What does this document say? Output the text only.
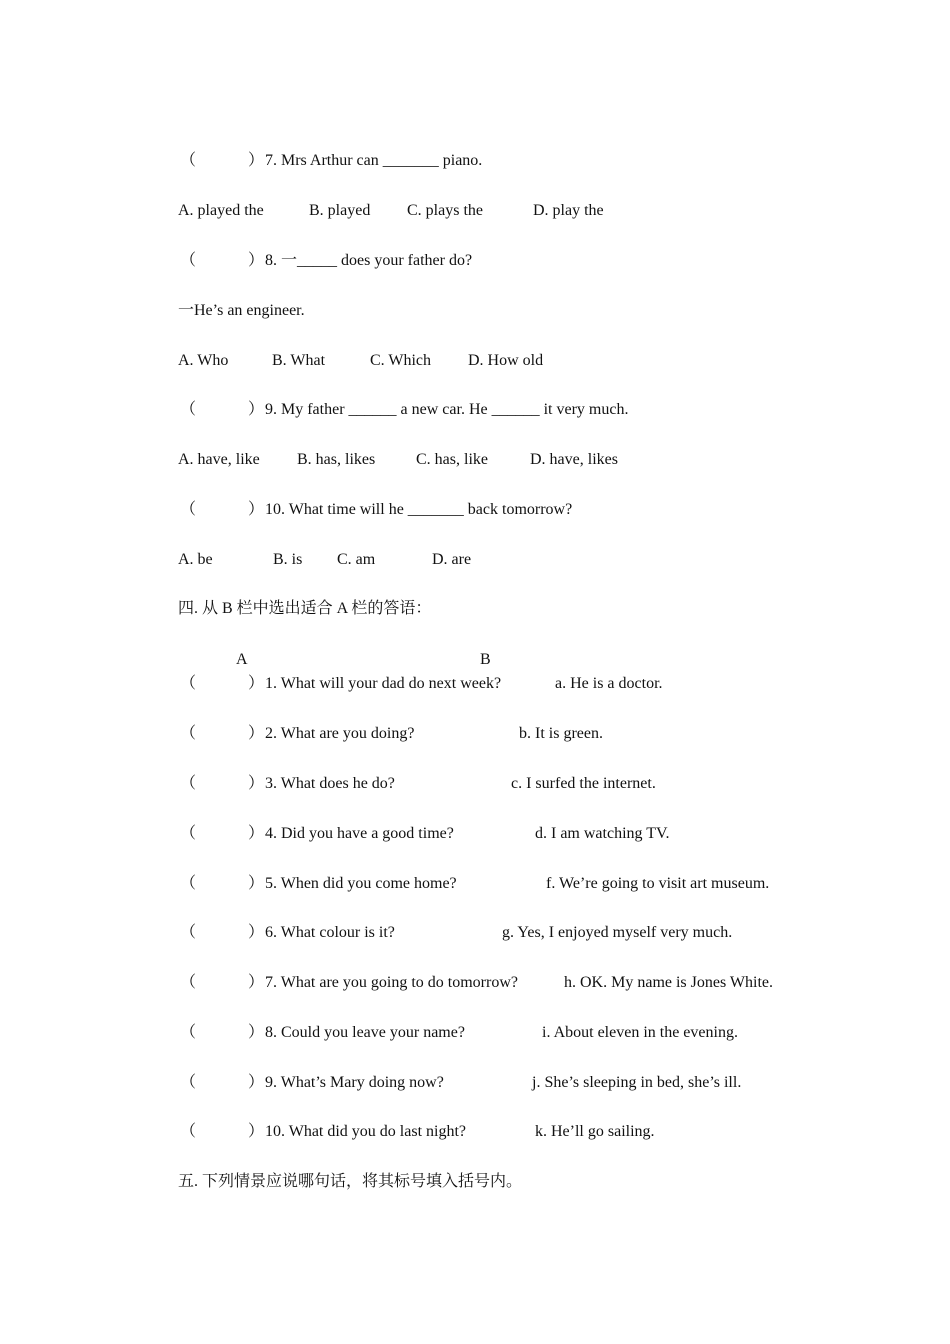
（	） 7. Mrs Arthur can _______ piano.
A. played the	B. played C. plays the	D. play the
（	） 8. 一_____ does your father do?
一He’s an engineer.
A. Who	B. What	C. Which D. How old
（	） 9. My father ______ a new car. He ______ it very much.
A. have, like B. has, likes	C. has, like	D. have, likes
（	） 10. What time will he _______ back tomorrow?
A. be	B. is C. am	D. are
四. 从 B 栏中选出适合 A 栏的答语：
A	B
（	） 1. What will your dad do next week?	a. He is a doctor.
（	） 2. What are you doing?	b. It is green.
（	） 3. What does he do?	c. I surfed the internet.
（	） 4. Did you have a good time?	d. I am watching TV.
（	） 5. When did you come home?	f. We’re going to visit art museum.
（	） 6. What colour is it?	g. Yes, I enjoyed myself very much.
（	） 7. What are you going to do tomorrow?	h. OK. My name is Jones White.
（	） 8. Could you leave your name?	i. About eleven in the evening.
（	） 9. What’s Mary doing now?	j. She’s sleeping in bed, she’s ill.
（	） 10. What did you do last night?	k. He’ll go sailing.
五. 下列情景应说哪句话，将其标号填入括号内。
